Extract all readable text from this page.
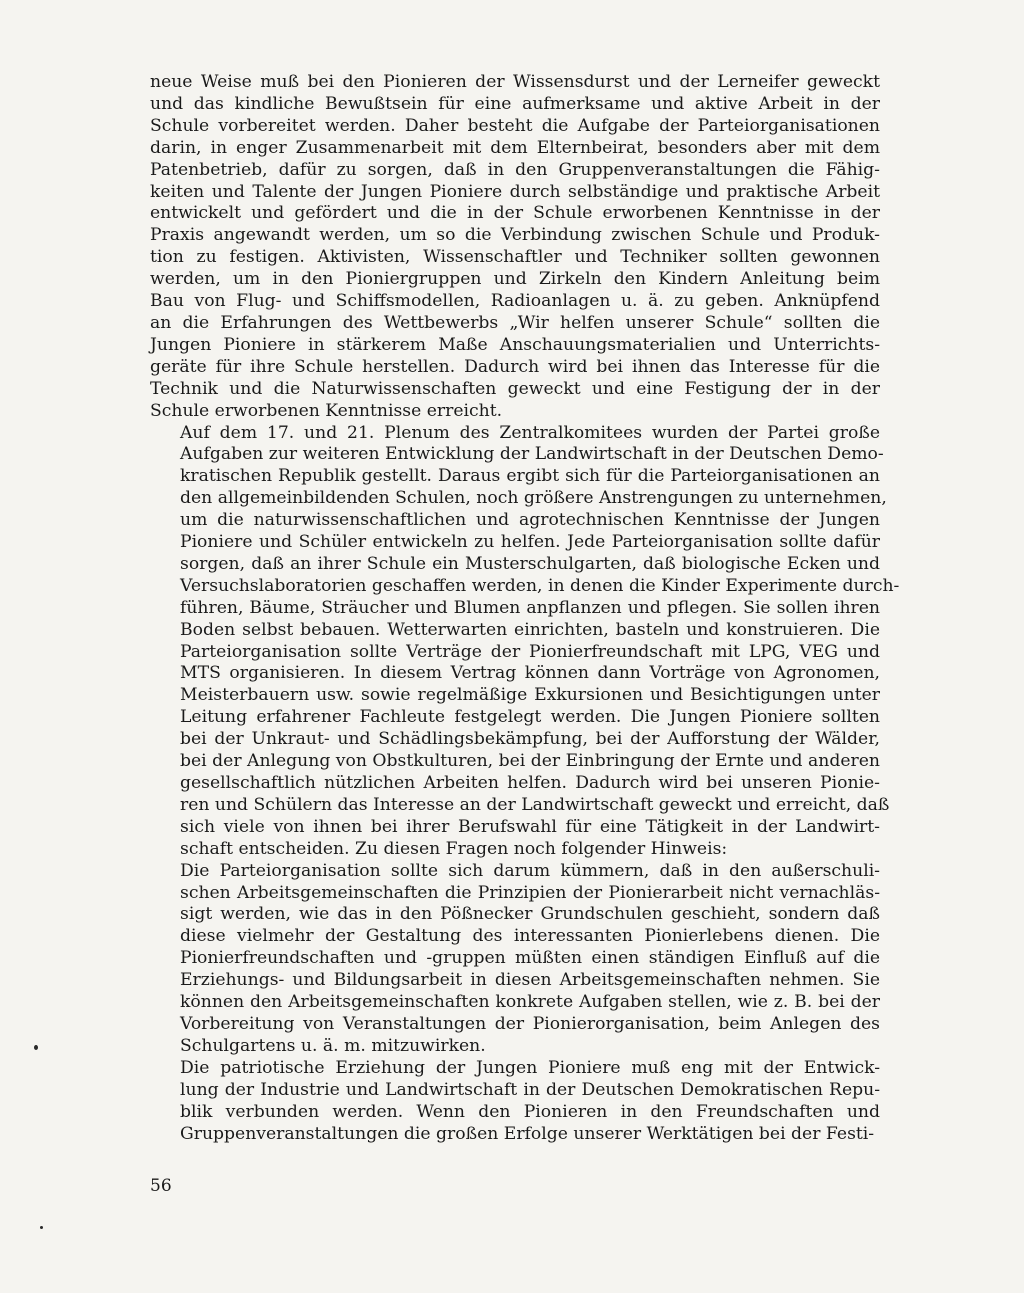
neue Weise muß bei den Pionieren der Wissensdurst und der Lerneifer geweckt
und das kindliche Bewußtsein für eine aufmerksame und aktive Arbeit in der
Schule vorbereitet werden. Daher besteht die Aufgabe der Parteiorganisationen
darin, in enger Zusammenarbeit mit dem Elternbeirat, besonders aber mit dem
Patenbetrieb, dafür zu sorgen, daß in den Gruppenveranstaltungen die Fähig-
keiten und Talente der Jungen Pioniere durch selbständige und praktische Arbeit
entwickelt und gefördert und die in der Schule erworbenen Kenntnisse in der
Praxis angewandt werden, um so die Verbindung zwischen Schule und Produk-
tion zu festigen. Aktivisten, Wissenschaftler und Techniker sollten gewonnen
werden, um in den Pioniergruppen und Zirkeln den Kindern Anleitung beim
Bau von Flug- und Schiffsmodellen, Radioanlagen u. ä. zu geben. Anknüpfend
an die Erfahrungen des Wettbewerbs „Wir helfen unserer Schule“ sollten die
Jungen Pioniere in stärkerem Maße Anschauungsmaterialien und Unterrichts-
geräte für ihre Schule herstellen. Dadurch wird bei ihnen das Interesse für die
Technik und die Naturwissenschaften geweckt und eine Festigung der in der
Schule erworbenen Kenntnisse erreicht.

Auf dem 17. und 21. Plenum des Zentralkomitees wurden der Partei große
Aufgaben zur weiteren Entwicklung der Landwirtschaft in der Deutschen Demo-
kratischen Republik gestellt. Daraus ergibt sich für die Parteiorganisationen an
den allgemeinbildenden Schulen, noch größere Anstrengungen zu unternehmen,
um die naturwissenschaftlichen und agrotechnischen Kenntnisse der Jungen
Pioniere und Schüler entwickeln zu helfen. Jede Parteiorganisation sollte dafür
sorgen, daß an ihrer Schule ein Musterschulgarten, daß biologische Ecken und
Versuchslaboratorien geschaffen werden, in denen die Kinder Experimente durch-
führen, Bäume, Sträucher und Blumen anpflanzen und pflegen. Sie sollen ihren
Boden selbst bebauen. Wetterwarten einrichten, basteln und konstruieren. Die
Parteiorganisation sollte Verträge der Pionierfreundschaft mit LPG, VEG und
MTS organisieren. In diesem Vertrag können dann Vorträge von Agronomen,
Meisterbauern usw. sowie regelmäßige Exkursionen und Besichtigungen unter
Leitung erfahrener Fachleute festgelegt werden. Die Jungen Pioniere sollten
bei der Unkraut- und Schädlingsbekämpfung, bei der Aufforstung der Wälder,
bei der Anlegung von Obstkulturen, bei der Einbringung der Ernte und anderen
gesellschaftlich nützlichen Arbeiten helfen. Dadurch wird bei unseren Pionie-
ren und Schülern das Interesse an der Landwirtschaft geweckt und erreicht, daß
sich viele von ihnen bei ihrer Berufswahl für eine Tätigkeit in der Landwirt-
schaft entscheiden. Zu diesen Fragen noch folgender Hinweis:

Die Parteiorganisation sollte sich darum kümmern, daß in den außerschuli-
schen Arbeitsgemeinschaften die Prinzipien der Pionierarbeit nicht vernachläs-
sigt werden, wie das in den Pößnecker Grundschulen geschieht, sondern daß
diese vielmehr der Gestaltung des interessanten Pionierlebens dienen. Die
Pionierfreundschaften und -gruppen müßten einen ständigen Einfluß auf die
Erziehungs- und Bildungsarbeit in diesen Arbeitsgemeinschaften nehmen. Sie
können den Arbeitsgemeinschaften konkrete Aufgaben stellen, wie z. B. bei der
Vorbereitung von Veranstaltungen der Pionierorganisation, beim Anlegen des
Schulgartens u. ä. m. mitzuwirken.

Die patriotische Erziehung der Jungen Pioniere muß eng mit der Entwick-
lung der Industrie und Landwirtschaft in der Deutschen Demokratischen Repu-
blik verbunden werden. Wenn den Pionieren in den Freundschaften und
Gruppenveranstaltungen die großen Erfolge unserer Werktätigen bei der Festi-

56
